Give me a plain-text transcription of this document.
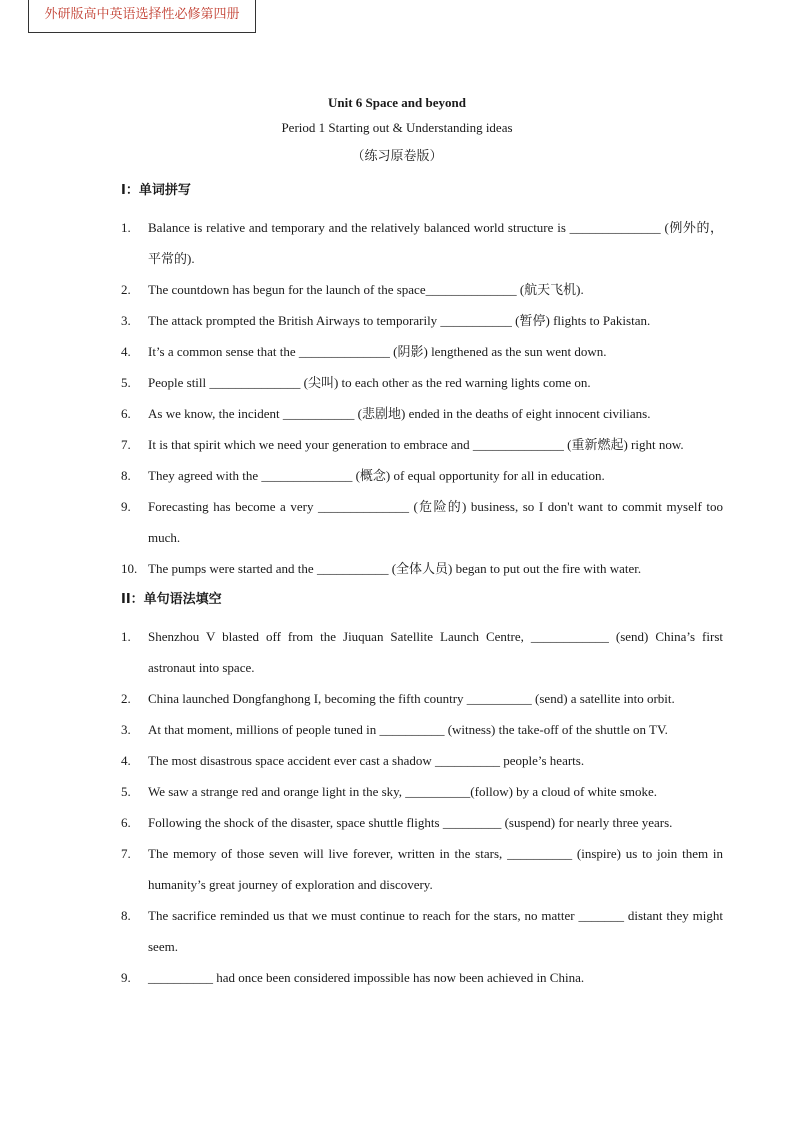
外研版高中英语选择性必修第四册
Unit 6 Space and beyond
Period 1 Starting out & Understanding ideas
（练习原卷版）
I：单词拼写
1.	Balance is relative and temporary and the relatively balanced world structure is ______________ (例外的，平常的).
2.	The countdown has begun for the launch of the space______________ (航天飞机).
3.	The attack prompted the British Airways to temporarily ___________ (暂停) flights to Pakistan.
4.	It’s a common sense that the ______________ (阴影) lengthened as the sun went down.
5.	People still ______________ (尖叫) to each other as the red warning lights come on.
6.	As we know, the incident ___________ (悲剧地) ended in the deaths of eight innocent civilians.
7.	It is that spirit which we need your generation to embrace and ______________ (重新燃起) right now.
8.	They agreed with the ______________ (概念) of equal opportunity for all in education.
9.	Forecasting has become a very ______________ (危险的) business, so I don't want to commit myself too much.
10. The pumps were started and the ___________ (全体人员) began to put out the fire with water.
II：单句语法填空
1.	Shenzhou V blasted off from the Jiuquan Satellite Launch Centre, ____________ (send) China’s first astronaut into space.
2.	China launched Dongfanghong I, becoming the fifth country __________ (send) a satellite into orbit.
3.	At that moment, millions of people tuned in __________ (witness) the take-off of the shuttle on TV.
4.	The most disastrous space accident ever cast a shadow __________ people’s hearts.
5.	We saw a strange red and orange light in the sky, __________(follow) by a cloud of white smoke.
6.	Following the shock of the disaster, space shuttle flights _________ (suspend) for nearly three years.
7.	The memory of those seven will live forever, written in the stars, __________ (inspire) us to join them in humanity’s great journey of exploration and discovery.
8.	The sacrifice reminded us that we must continue to reach for the stars, no matter _______ distant they might seem.
9.	__________ had once been considered impossible has now been achieved in China.
